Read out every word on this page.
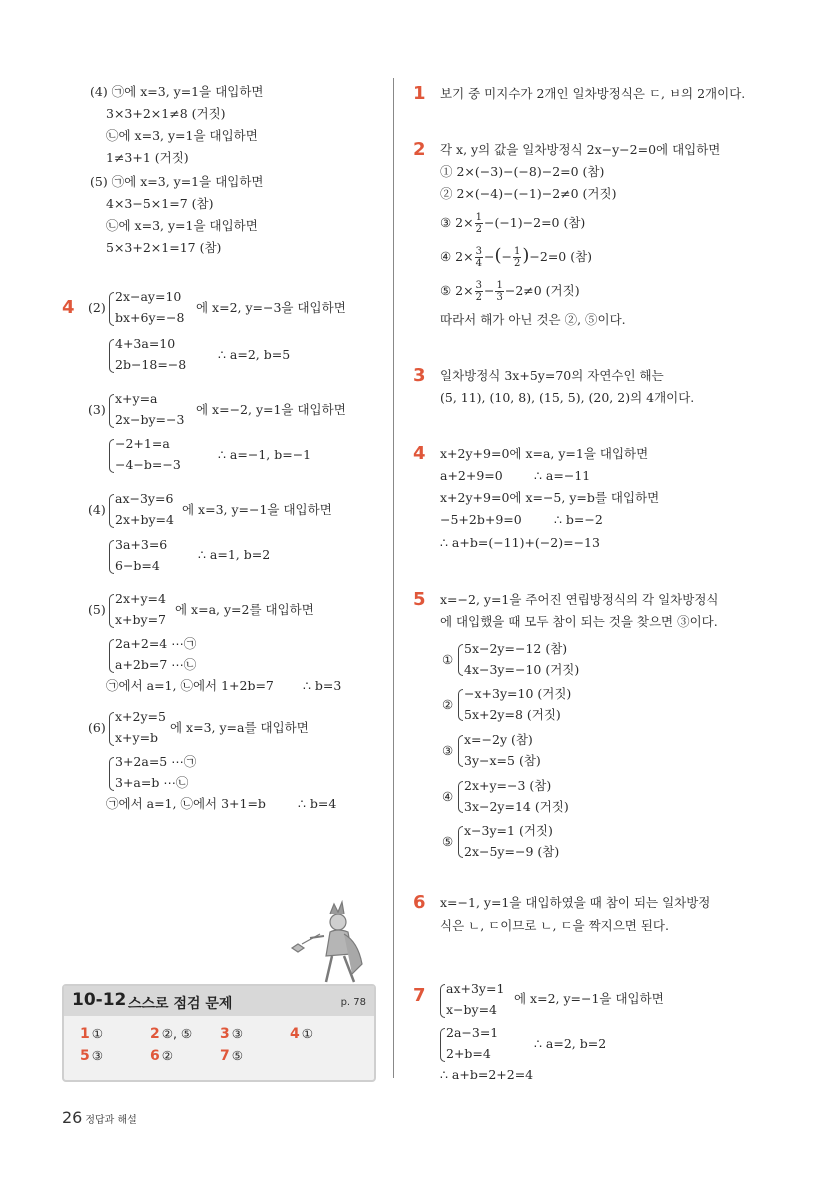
(4) ㉠에 x=3, y=1을 대입하면
3×3+2×1≠8 (거짓)
㉡에 x=3, y=1을 대입하면
1≠3+1 (거짓)
(5) ㉠에 x=3, y=1을 대입하면
4×3−5×1=7 (참)
㉡에 x=3, y=1을 대입하면
5×3+2×1=17 (참)
4 (2)
2x−ay=10
bx+6y=−8
에 x=2, y=−3을 대입하면
4+3a=10
2b−18=−8
∴ a=2, b=5
(3)
x+y=a
2x−by=−3
에 x=−2, y=1을 대입하면
−2+1=a
−4−b=−3
∴ a=−1, b=−1
(4)
ax−3y=6
2x+by=4
에 x=3, y=−1을 대입하면
3a+3=6
6−b=4
∴ a=1, b=2
(5)
2x+y=4
x+by=7
에 x=a, y=2를 대입하면
2a+2=4 ⋯㉠
a+2b=7 ⋯㉡
㉠에서 a=1, ㉡에서 1+2b=7 ∴ b=3
(6)
x+2y=5
x+y=b
에 x=3, y=a를 대입하면
3+2a=5 ⋯㉠
3+a=b ⋯㉡
㉠에서 a=1, ㉡에서 3+1=b	∴ b=4
10-12 스스로 점검 문제	p. 78
1 ①	2 ②, ⑤ 3 ③	4 ①
5 ③	6 ②	7 ⑤
1 보기 중 미지수가 2개인 일차방정식은 ㄷ, ㅂ의 2개이다.
2 각 x, y의 값을 일차방정식 2x−y−2=0에 대입하면
① 2×(−3)−(−8)−2=0 (참)
② 2×(−4)−(−1)−2≠0 (거짓)
③ $2\times \frac{1}{2} -(-1)-2=0$ (참)
④ $2\times \frac{3}{4}$ −(− $\frac{1}{2} )-2=0$ (참)
⑤ $2\times \frac{3}{2} - \frac{1}{3} -2\ne 0$ (거짓)
따라서 해가 아닌 것은 ②, ⑤이다.
3 일차방정식 3x+5y=70의 자연수인 해는
(5, 11), (10, 8), (15, 5), (20, 2)의 4개이다.
4 x+2y+9=0에 x=a, y=1을 대입하면
a+2+9=0	∴ a=−11
x+2y+9=0에 x=−5, y=b를 대입하면
−5+2b+9=0	∴ b=−2
∴ a+b=(−11)+(−2)=−13
5 x=−2, y=1을 주어진 연립방정식의 각 일차방정식
에 대입했을 때 모두 참이 되는 것을 찾으면 ③이다.
①
5x−2y=−12 (참)
4x−3y=−10 (거짓)
②
−x+3y=10 (거짓)
5x+2y=8 (거짓)
③
x=−2y (참)
3y−x=5 (참)
④
2x+y=−3 (참)
3x−2y=14 (거짓)
⑤
x−3y=1 (거짓)
2x−5y=−9 (참)
6 x=−1, y=1을 대입하였을 때 참이 되는 일차방정
식은 ㄴ, ㄷ이므로 ㄴ, ㄷ을 짝지으면 된다.
7 ax+3y=1
x−by=4
에 x=2, y=−1을 대입하면
2a−3=1
2+b=4
∴ a=2, b=2
∴ a+b=2+2=4
26 정답과 해설
